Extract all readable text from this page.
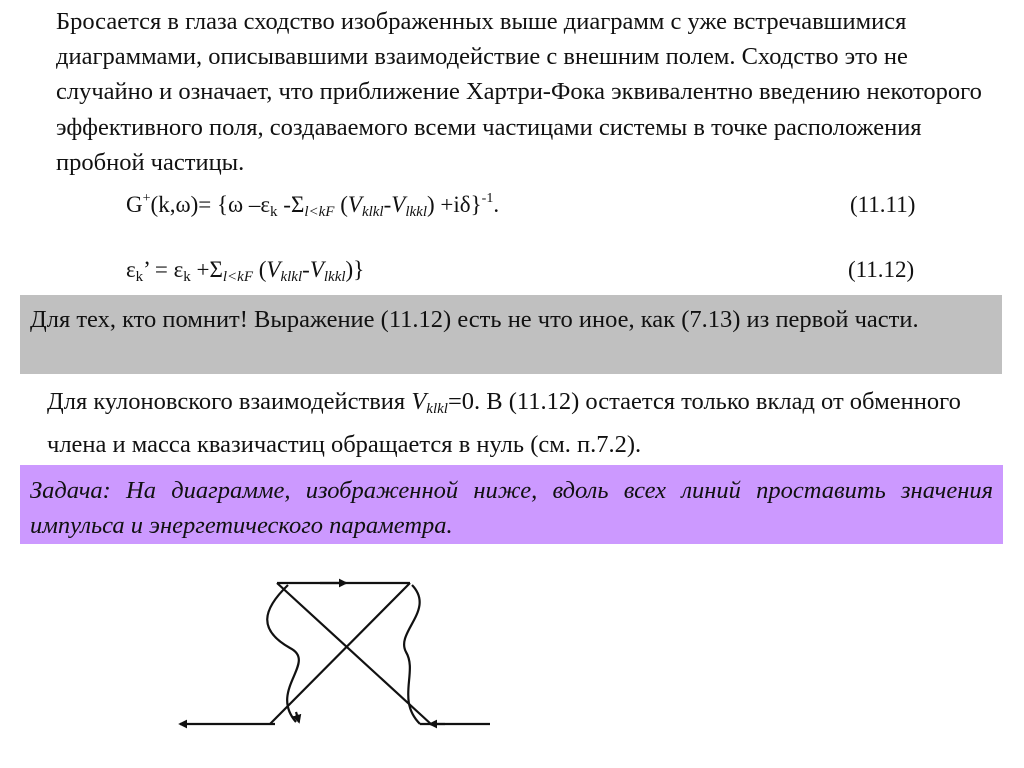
Бросается в глаза сходство изображенных выше диаграмм с уже встречавшимися диаграммами, описывавшими взаимодействие с внешним полем. Сходство это не случайно и означает, что приближение Хартри-Фока эквивалентно введению некоторого эффективного поля, создаваемого всеми частицами системы в точке расположения пробной частицы.
G+(k,ω)= {ω $-\varepsilon_k$ $-\Sigma_{l<kF}$ $(V_{klkl}-V_{lkkl}) +i\delta\}^{-1}$.	(11.11)
$\varepsilon_k$’ = $\varepsilon_k +\Sigma_{l<kF}$ $(V_{klkl}-V_{lkkl})$}	(11.12)
Для тех, кто помнит! Выражение (11.12) есть не что иное, как (7.13) из первой части.
Для кулоновского взаимодействия $V_{klkl}=0$. В (11.12) остается только вклад от обменного члена и масса квазичастиц обращается в нуль (см. п.7.2).
Задача: На диаграмме, изображенной ниже, вдоль всех линий проставить значения импульса и энергетического параметра.
